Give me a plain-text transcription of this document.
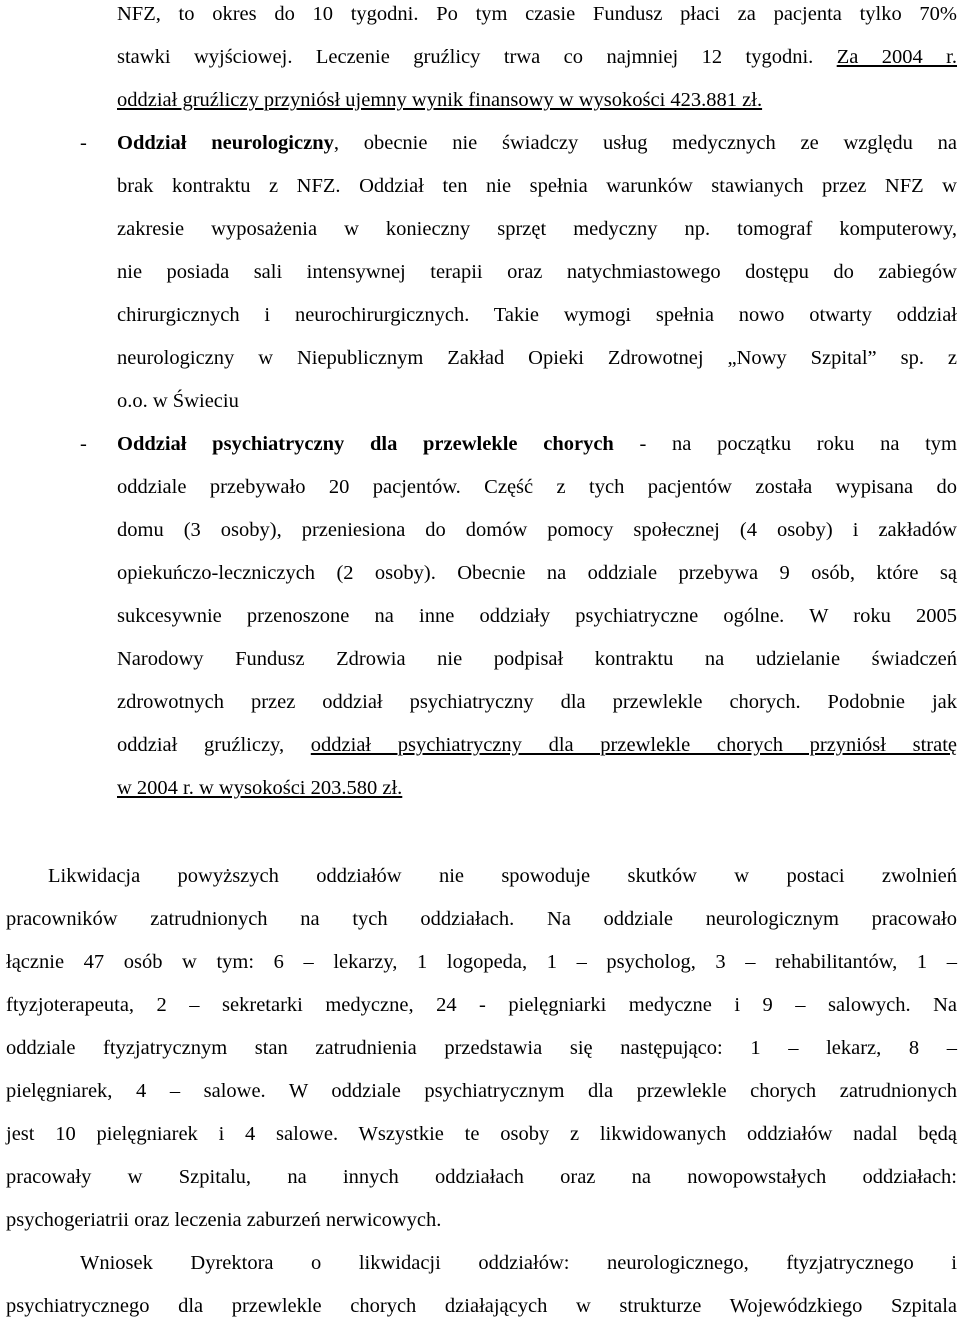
NFZ, to okres do 10 tygodni. Po tym czasie Fundusz płaci za pacjenta tylko 70%
stawki wyjściowej. Leczenie gruźlicy trwa co najmniej 12 tygodni. Za 2004 r.
oddział gruźliczy przyniósł ujemny wynik finansowy w wysokości 423.881 zł.
- Oddział neurologiczny, obecnie nie świadczy usług medycznych ze względu na
brak kontraktu z NFZ. Oddział ten nie spełnia warunków stawianych przez NFZ w
zakresie wyposażenia w konieczny sprzęt medyczny np. tomograf komputerowy,
nie posiada sali intensywnej terapii oraz natychmiastowego dostępu do zabiegów
chirurgicznych i neurochirurgicznych. Takie wymogi spełnia nowo otwarty oddział
neurologiczny w Niepublicznym Zakład Opieki Zdrowotnej „Nowy Szpital” sp. z
o.o. w Świeciu
- Oddział psychiatryczny dla przewlekle chorych - na początku roku na tym
oddziale przebywało 20 pacjentów. Część z tych pacjentów została wypisana do
domu (3 osoby), przeniesiona do domów pomocy społecznej (4 osoby) i zakładów
opiekuńczo-leczniczych (2 osoby). Obecnie na oddziale przebywa 9 osób, które są
sukcesywnie przenoszone na inne oddziały psychiatryczne ogólne. W roku 2005
Narodowy Fundusz Zdrowia nie podpisał kontraktu na udzielanie świadczeń
zdrowotnych przez oddział psychiatryczny dla przewlekle chorych. Podobnie jak
oddział gruźliczy, oddział psychiatryczny dla przewlekle chorych przyniósł stratę
w 2004 r. w wysokości 203.580 zł.
Likwidacja powyższych oddziałów nie spowoduje skutków w postaci zwolnień
pracowników zatrudnionych na tych oddziałach. Na oddziale neurologicznym pracowało
łącznie 47 osób w tym: 6 – lekarzy, 1 logopeda, 1 – psycholog, 3 – rehabilitantów, 1 –
ftyzjoterapeuta, 2 – sekretarki medyczne, 24 - pielęgniarki medyczne i 9 – salowych. Na
oddziale ftyzjatrycznym stan zatrudnienia przedstawia się następująco: 1 – lekarz, 8 –
pielęgniarek, 4 – salowe. W oddziale psychiatrycznym dla przewlekle chorych zatrudnionych
jest 10 pielęgniarek i 4 salowe. Wszystkie te osoby z likwidowanych oddziałów nadal będą
pracowały w Szpitalu, na innych oddziałach oraz na nowopowstałych oddziałach:
psychogeriatrii oraz leczenia zaburzeń nerwicowych.
Wniosek Dyrektora o likwidacji oddziałów: neurologicznego, ftyzjatrycznego i
psychiatrycznego dla przewlekle chorych działających w strukturze Wojewódzkiego Szpitala
